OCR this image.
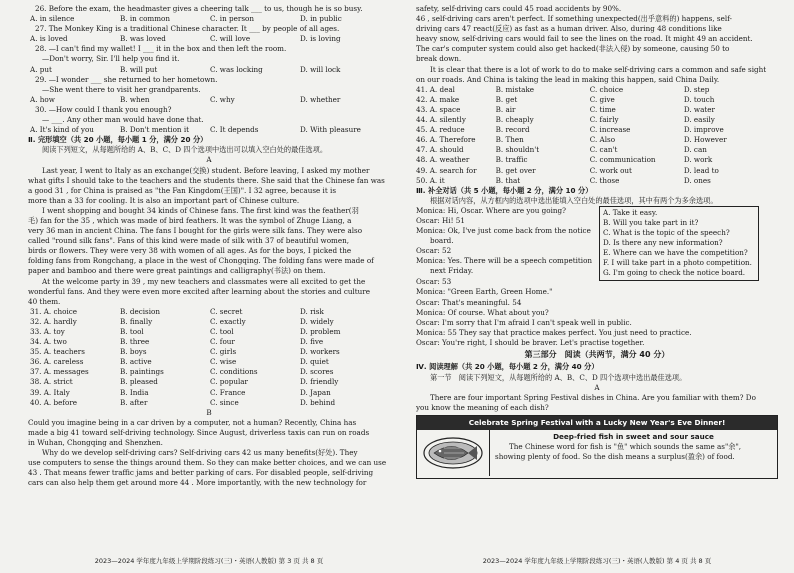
26. Before the exam, the headmaster gives a cheering talk ___ to us, though he is so busy.
A. in silence	B. in common	C. in person	D. in public
27. The Monkey King is a traditional Chinese character. It ___ by people of all ages.
A. is loved	B. was loved	C. will love	D. is loving
28. —I can't find my wallet! I ___ it in the box and then left the room.
—Don't worry, Sir. I'll help you find it.
A. put	B. will put	C. was locking	D. will lock
29. —I wonder ___ she returned to her hometown.
—She went there to visit her grandparents.
A. how	B. when	C. why	D. whether
30. —How could I thank you enough?
— ___. Any other man would have done that.
A. It's kind of you	B. Don't mention it	C. It depends	D. With pleasure
Ⅱ. 完形填空（共 20 小题，每小题 1 分，满分 20 分）
阅读下列短文，从每题所给的 A、B、C、D 四个选项中选出可以填入空白处的最佳选项。
A
Last year, I went to Italy as an exchange(交换) student. Before leaving, I asked my mother
what gifts I should take to the teachers and the students there. She said that the Chinese fan was
a good 31 , for China is praised as "the Fan Kingdom(王国)". I 32 agree, because it is
more than a 33 for cooling. It is also an important part of Chinese culture.
I went shopping and bought 34 kinds of Chinese fans. The first kind was the feather(羽
毛) fan for the 35 , which was made of bird feathers. It was the symbol of Zhuge Liang, a
very 36 man in ancient China. The fans I bought for the girls were silk fans. They were also
called "round silk fans". Fans of this kind were made of silk with 37 of beautiful women,
birds or flowers. They were very 38 with women of all ages. As for the boys, I picked the
folding fans from Rongchang, a place in the west of Chongqing. The folding fans were made of
paper and bamboo and there were great paintings and calligraphy(书法) on them.
At the welcome party in 39 , my new teachers and classmates were all excited to get the
wonderful fans. And they were even more excited after learning about the stories and culture
40 them.
31. A. choice	B. decision	C. secret	D. risk
32. A. hardly	B. finally	C. exactly	D. widely
33. A. toy	B. tool	C. tool	D. problem
34. A. two	B. three	C. four	D. five
35. A. teachers	B. boys	C. girls	D. workers
36. A. careless	B. active	C. wise	D. quiet
37. A. messages	B. paintings	C. conditions	D. scores
38. A. strict	B. pleased	C. popular	D. friendly
39. A. Italy	B. India	C. France	D. Japan
40. A. before	B. after	C. since	D. behind
B
Could you imagine being in a car driven by a computer, not a human? Recently, China has
made a big 41 toward self-driving technology. Since August, driverless taxis can run on roads
in Wuhan, Chongqing and Shenzhen.
Why do we develop self-driving cars? Self-driving cars 42 us many benefits(好处). They
use computers to sense the things around them. So they can make better choices, and we can use
43 . That means fewer traffic jams and better parking of cars. For disabled people, self-driving
cars can also help them get around more 44 . More importantly, with the new technology for
2023—2024 学年度九年级上学期阶段练习(三)・英语(人教版) 第 3 页 共 8 页
safety, self-driving cars could 45 road accidents by 90%.
46 , self-driving cars aren't perfect. If something unexpected(出乎意料的) happens, self-
driving cars 47 react(反应) as fast as a human driver. Also, during 48 conditions like
heavy snow, self-driving cars would fail to see the lines on the road. It might 49 an accident.
The car's computer system could also get hacked(非法入侵) by someone, causing 50 to
break down.
It is clear that there is a lot of work to do to make self-driving cars a common and safe sight
on our roads. And China is taking the lead in making this happen, said China Daily.
41. A. deal	B. mistake	C. choice	D. step
42. A. make	B. get	C. give	D. touch
43. A. space	B. air	C. time	D. water
44. A. silently	B. cheaply	C. fairly	D. easily
45. A. reduce	B. record	C. increase	D. improve
46. A. Therefore	B. Then	C. Also	D. However
47. A. should	B. shouldn't	C. can't	D. can
48. A. weather	B. traffic	C. communication	D. work
49. A. search for	B. get over	C. work out	D. lead to
50. A. it	B. that	C. those	D. ones
Ⅲ. 补全对话（共 5 小题，每小题 2 分，满分 10 分）
根据对话内容，从方框内的选项中选出能填入空白处的最佳选项，其中有两个为多余选项。
Monica: Hi, Oscar. Where are you going?
Oscar: Hi! 51
Monica: Ok, I've just come back from the notice
board.
Oscar: 52
Monica: Yes. There will be a speech competition
next Friday.
Oscar: 53
Monica: "Green Earth, Green Home."
A. Take it easy.
B. Will you take part in it?
C. What is the topic of the speech?
D. Is there any new information?
E. Where can we have the competition?
F. I will take part in a photo competition.
G. I'm going to check the notice board.
Oscar: That's meaningful. 54
Monica: Of course. What about you?
Oscar: I'm sorry that I'm afraid I can't speak well in public.
Monica: 55 They say that practice makes perfect. You just need to practice.
Oscar: You're right, I should be braver. Let's practise together.
第三部分　阅读（共两节，满分 40 分）
Ⅳ. 阅读理解（共 20 小题，每小题 2 分，满分 40 分）
第一节　阅读下列短文，从每题所给的 A、B、C、D 四个选项中选出最佳选项。
A
There are four important Spring Festival dishes in China. Are you familiar with them? Do
you know the meaning of each dish?
Celebrate Spring Festival with a Lucky New Year's Eve Dinner!
Deep-fried fish in sweet and sour sauce
The Chinese word for fish is "鱼" which sounds the same as"余",
showing plenty of food. So the dish means a surplus(盈余) of food.
2023—2024 学年度九年级上学期阶段练习(三)・英语(人教版) 第 4 页 共 8 页
